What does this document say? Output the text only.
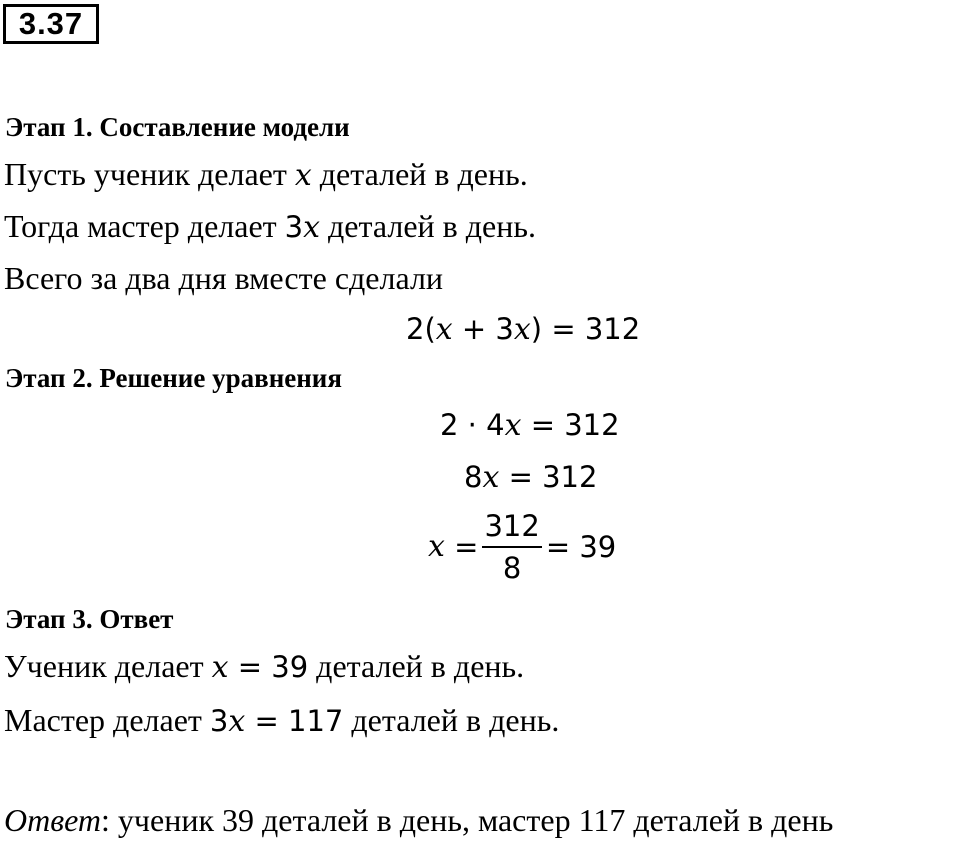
3.37
Этап 1. Составление модели
Пусть ученик делает x деталей в день.
Тогда мастер делает 3x деталей в день.
Всего за два дня вместе сделали
2(x + 3x) = 312
Этап 2. Решение уравнения
2 · 4x = 312
8x = 312
$x = \frac{312}{8} = 39$
Этап 3. Ответ
Ученик делает x = 39 деталей в день.
Мастер делает 3x = 117 деталей в день.
Ответ: ученик 39 деталей в день, мастер 117 деталей в день
